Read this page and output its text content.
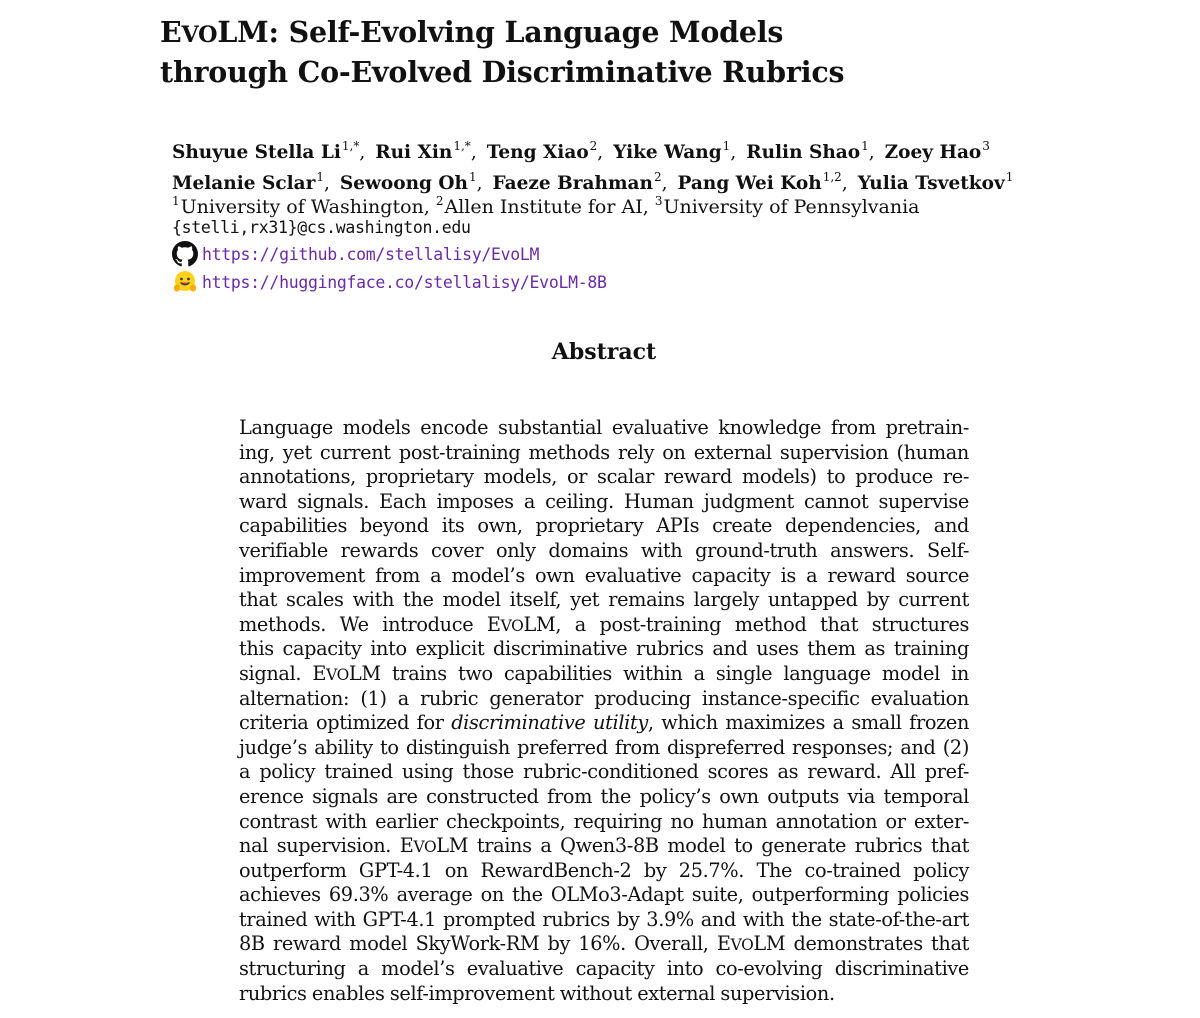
EVOLM: Self-Evolving Language Models
through Co-Evolved Discriminative Rubrics
Shuyue Stella $Li^{1,*}$, Rui Xin$^{1,*}$, Teng Xiao$^2$, Yike Wang$^1$, Rulin Shao$^1$, Zoey Hao$^3$
Melanie Sclar$^1$, Sewoong Oh$^1$, Faeze Brahman$^2$, Pang Wei Koh$^{1,2}$, Yulia Tsvetkov$^1$
$^1$University of Washington, $^2$Allen Institute for AI, $^3$University of Pennsylvania
{stelli,rx31}@cs.washington.edu
https://github.com/stellalisy/EvoLM
https://huggingface.co/stellalisy/EvoLM-8B
Abstract
Language models encode substantial evaluative knowledge from pretrain-
ing, yet current post-training methods rely on external supervision (human
annotations, proprietary models, or scalar reward models) to produce re-
ward signals. Each imposes a ceiling. Human judgment cannot supervise
capabilities beyond its own, proprietary APIs create dependencies, and
verifiable rewards cover only domains with ground-truth answers. Self-
improvement from a model’s own evaluative capacity is a reward source
that scales with the model itself, yet remains largely untapped by current
methods. We introduce EVOLM, a post-training method that structures
this capacity into explicit discriminative rubrics and uses them as training
signal. EVOLM trains two capabilities within a single language model in
alternation: (1) a rubric generator producing instance-specific evaluation
criteria optimized for discriminative utility, which maximizes a small frozen
judge’s ability to distinguish preferred from dispreferred responses; and (2)
a policy trained using those rubric-conditioned scores as reward. All pref-
erence signals are constructed from the policy’s own outputs via temporal
contrast with earlier checkpoints, requiring no human annotation or exter-
nal supervision. EVOLM trains a Qwen3-8B model to generate rubrics that
outperform GPT-4.1 on RewardBench-2 by 25.7%. The co-trained policy
achieves 69.3% average on the OLMo3-Adapt suite, outperforming policies
trained with GPT-4.1 prompted rubrics by 3.9% and with the state-of-the-art
8B reward model SkyWork-RM by 16%. Overall, EVOLM demonstrates that
structuring a model’s evaluative capacity into co-evolving discriminative
rubrics enables self-improvement without external supervision.
